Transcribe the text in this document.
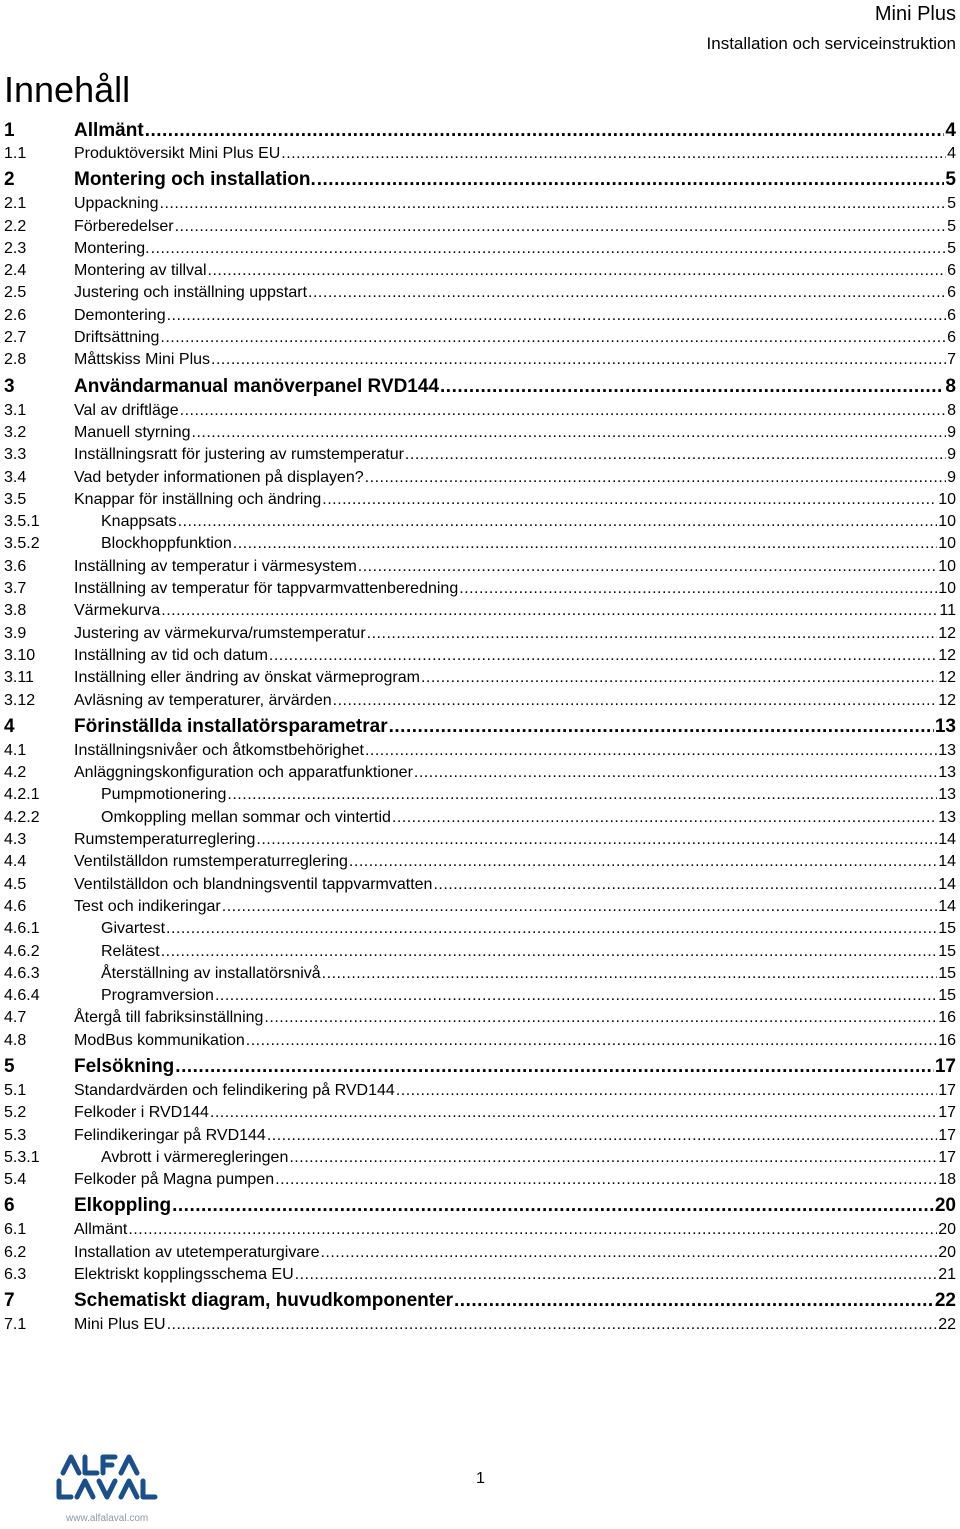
Mini Plus
Installation och serviceinstruktion
Innehåll
1	Allmänt .....	4
1.1	Produktöversikt Mini Plus EU .....	4
2	Montering och installation. .....	5
2.1	Uppackning .....	5
2.2	Förberedelser .....	5
2.3	Montering. .....	5
2.4	Montering av tillval .....	6
2.5	Justering och inställning uppstart .....	6
2.6	Demontering .....	6
2.7	Driftsättning .....	6
2.8	Måttskiss Mini Plus .....	7
3	Användarmanual manöverpanel RVD144 .....	8
3.1	Val av driftläge .....	8
3.2	Manuell styrning .....	9
3.3	Inställningsratt för justering av rumstemperatur .....	9
3.4	Vad betyder informationen på displayen? .....	9
3.5	Knappar för inställning och ändring .....	10
3.5.1	Knappsats .....	10
3.5.2	Blockhoppfunktion .....	10
3.6	Inställning av temperatur i värmesystem .....	10
3.7	Inställning av temperatur för tappvarmvattenberedning .....	10
3.8	Värmekurva .....	11
3.9	Justering av värmekurva/rumstemperatur .....	12
3.10	Inställning av tid och datum .....	12
3.11	Inställning eller ändring av önskat värmeprogram .....	12
3.12	Avläsning av temperaturer, ärvärden .....	12
4	Förinställda installatörsparametrar .....	13
4.1	Inställningsnivåer och åtkomstbehörighet .....	13
4.2	Anläggningskonfiguration och apparatfunktioner .....	13
4.2.1	Pumpmotionering .....	13
4.2.2	Omkoppling mellan sommar och vintertid .....	13
4.3	Rumstemperaturreglering .....	14
4.4	Ventilställdon rumstemperaturreglering .....	14
4.5	Ventilställdon och blandningsventil tappvarmvatten .....	14
4.6	Test och indikeringar .....	14
4.6.1	Givartest .....	15
4.6.2	Relätest .....	15
4.6.3	Återställning av installatörsnivå .....	15
4.6.4	Programversion .....	15
4.7	Återgå till fabriksinställning .....	16
4.8	ModBus kommunikation .....	16
5	Felsökning .....	17
5.1	Standardvärden och felindikering på RVD144 .....	17
5.2	Felkoder i RVD144 .....	17
5.3	Felindikeringar på RVD144 .....	17
5.3.1	Avbrott i värmeregleringen .....	17
5.4	Felkoder på Magna pumpen .....	18
6	Elkoppling .....	20
6.1	Allmänt .....	20
6.2	Installation av utetemperaturgivare .....	20
6.3	Elektriskt kopplingsschema EU .....	21
7	Schematiskt diagram, huvudkomponenter .....	22
7.1	Mini Plus EU .....	22
www.alfalaval.com
1
